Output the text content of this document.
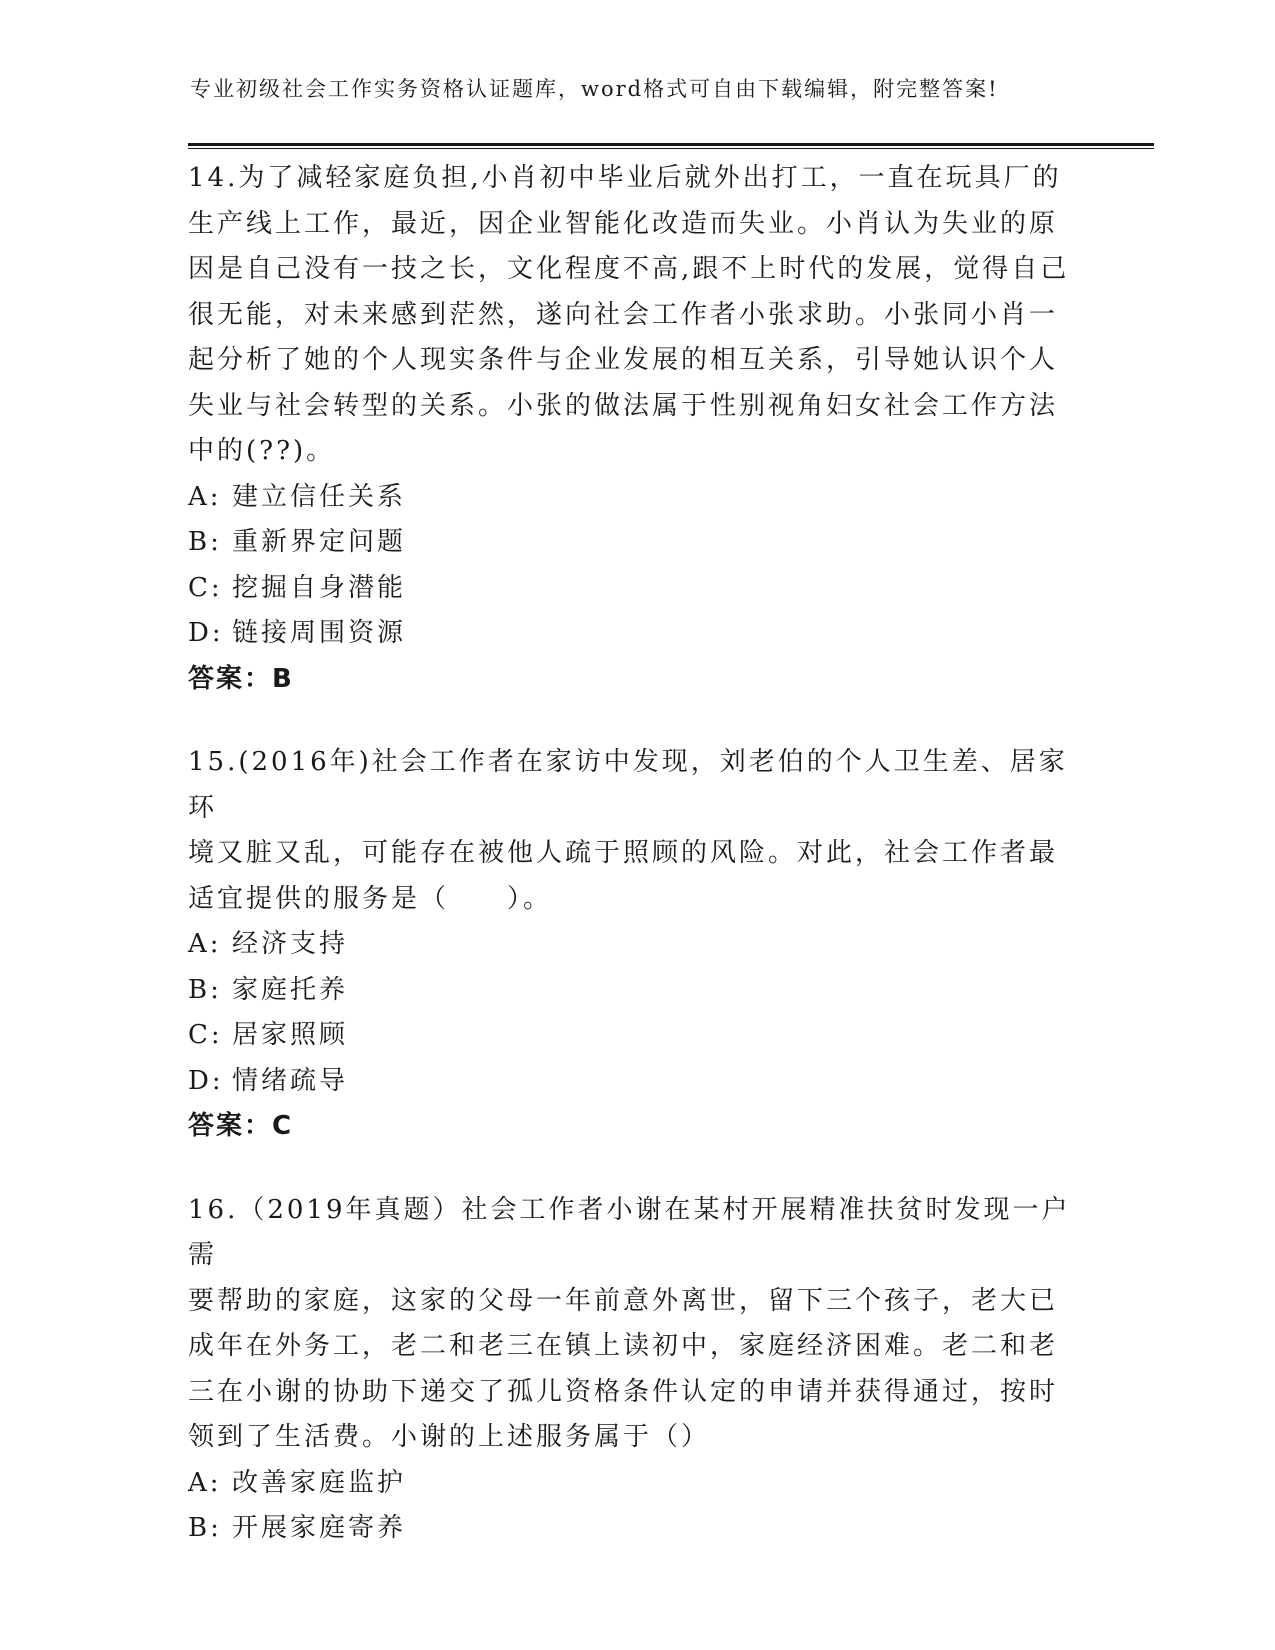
专业初级社会工作实务资格认证题库，word格式可自由下载编辑，附完整答案!

14.为了减轻家庭负担,小肖初中毕业后就外出打工，一直在玩具厂的

生产线上工作，最近，因企业智能化改造而失业。小肖认为失业的原

因是自己没有一技之长，文化程度不高,跟不上时代的发展，觉得自己

很无能，对未来感到茫然，遂向社会工作者小张求助。小张同小肖一

起分析了她的个人现实条件与企业发展的相互关系，引导她认识个人

失业与社会转型的关系。小张的做法属于性别视角妇女社会工作方法

中的(??)。

A: 建立信任关系
B: 重新界定问题
C: 挖掘自身潜能
D: 链接周围资源

答案：B

15.(2016年)社会工作者在家访中发现，刘老伯的个人卫生差、居家环

境又脏又乱，可能存在被他人疏于照顾的风险。对此，社会工作者最

适宜提供的服务是（　　）。

A: 经济支持
B: 家庭托养
C: 居家照顾
D: 情绪疏导

答案：C

16.（2019年真题）社会工作者小谢在某村开展精准扶贫时发现一户需

要帮助的家庭，这家的父母一年前意外离世，留下三个孩子，老大已

成年在外务工，老二和老三在镇上读初中，家庭经济困难。老二和老

三在小谢的协助下递交了孤儿资格条件认定的申请并获得通过，按时

领到了生活费。小谢的上述服务属于（）

A: 改善家庭监护
B: 开展家庭寄养
